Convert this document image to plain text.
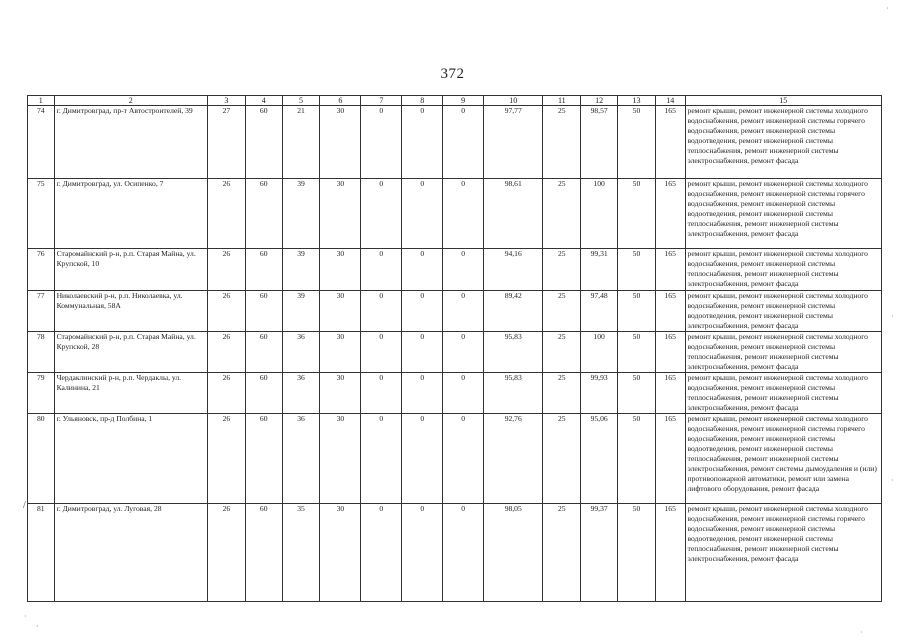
372
1	2	3	4	5	6	7	8	9	10	11	12	13	14	15
74	г. Димитровград, пр-т Автостроителей, 39	27	60	21	30	0	0	0	97,77	25	98,57	50	165	ремонт крыши, ремонт инженерной системы холодного водоснабжения, ремонт инженерной системы горячего водоснабжения, ремонт инженерной системы водоотведения, ремонт инженерной системы теплоснабжения, ремонт инженерной системы электроснабжения, ремонт фасада
75	г. Димитровград, ул. Осипенко, 7	26	60	39	30	0	0	0	98,61	25	100	50	165	ремонт крыши, ремонт инженерной системы холодного водоснабжения, ремонт инженерной системы горячего водоснабжения, ремонт инженерной системы водоотведения, ремонт инженерной системы теплоснабжения, ремонт инженерной системы электроснабжения, ремонт фасада
76	Старомайнский р-н, р.п. Старая Майна, ул. Крупской, 10	26	60	39	30	0	0	0	94,16	25	99,31	50	165	ремонт крыши, ремонт инженерной системы холодного водоснабжения, ремонт инженерной системы теплоснабжения, ремонт инженерной системы электроснабжения, ремонт фасада
77	Николаевский р-н, р.п. Николаевка, ул. Коммунальная, 58А	26	60	39	30	0	0	0	89,42	25	97,48	50	165	ремонт крыши, ремонт инженерной системы холодного водоснабжения, ремонт инженерной системы водоотведения, ремонт инженерной системы электроснабжения, ремонт фасада
78	Старомайнский р-н, р.п. Старая Майна, ул. Крупской, 28	26	60	36	30	0	0	0	95,83	25	100	50	165	ремонт крыши, ремонт инженерной системы холодного водоснабжения, ремонт инженерной системы теплоснабжения, ремонт инженерной системы электроснабжения, ремонт фасада
79	Чердаклинский р-н, р.п. Чердаклы, ул. Калинина, 21	26	60	36	30	0	0	0	95,83	25	99,93	50	165	ремонт крыши, ремонт инженерной системы холодного водоснабжения, ремонт инженерной системы теплоснабжения, ремонт инженерной системы электроснабжения, ремонт фасада
80	г. Ульяновск, пр-д Полбина, 1	26	60	36	30	0	0	0	92,76	25	95,06	50	165	ремонт крыши, ремонт инженерной системы холодного водоснабжения, ремонт инженерной системы горячего водоснабжения, ремонт инженерной системы водоотведения, ремонт инженерной системы теплоснабжения, ремонт инженерной системы электроснабжения, ремонт системы дымоудаления и (или) противопожарной автоматики, ремонт или замена лифтового оборудования, ремонт фасада
81	г. Димитровград, ул. Луговая, 28	26	60	35	30	0	0	0	98,05	25	99,37	50	165	ремонт крыши, ремонт инженерной системы холодного водоснабжения, ремонт инженерной системы горячего водоснабжения, ремонт инженерной системы водоотведения, ремонт инженерной системы теплоснабжения, ремонт инженерной системы электроснабжения, ремонт фасада
/
·
·
·
·
·
·
